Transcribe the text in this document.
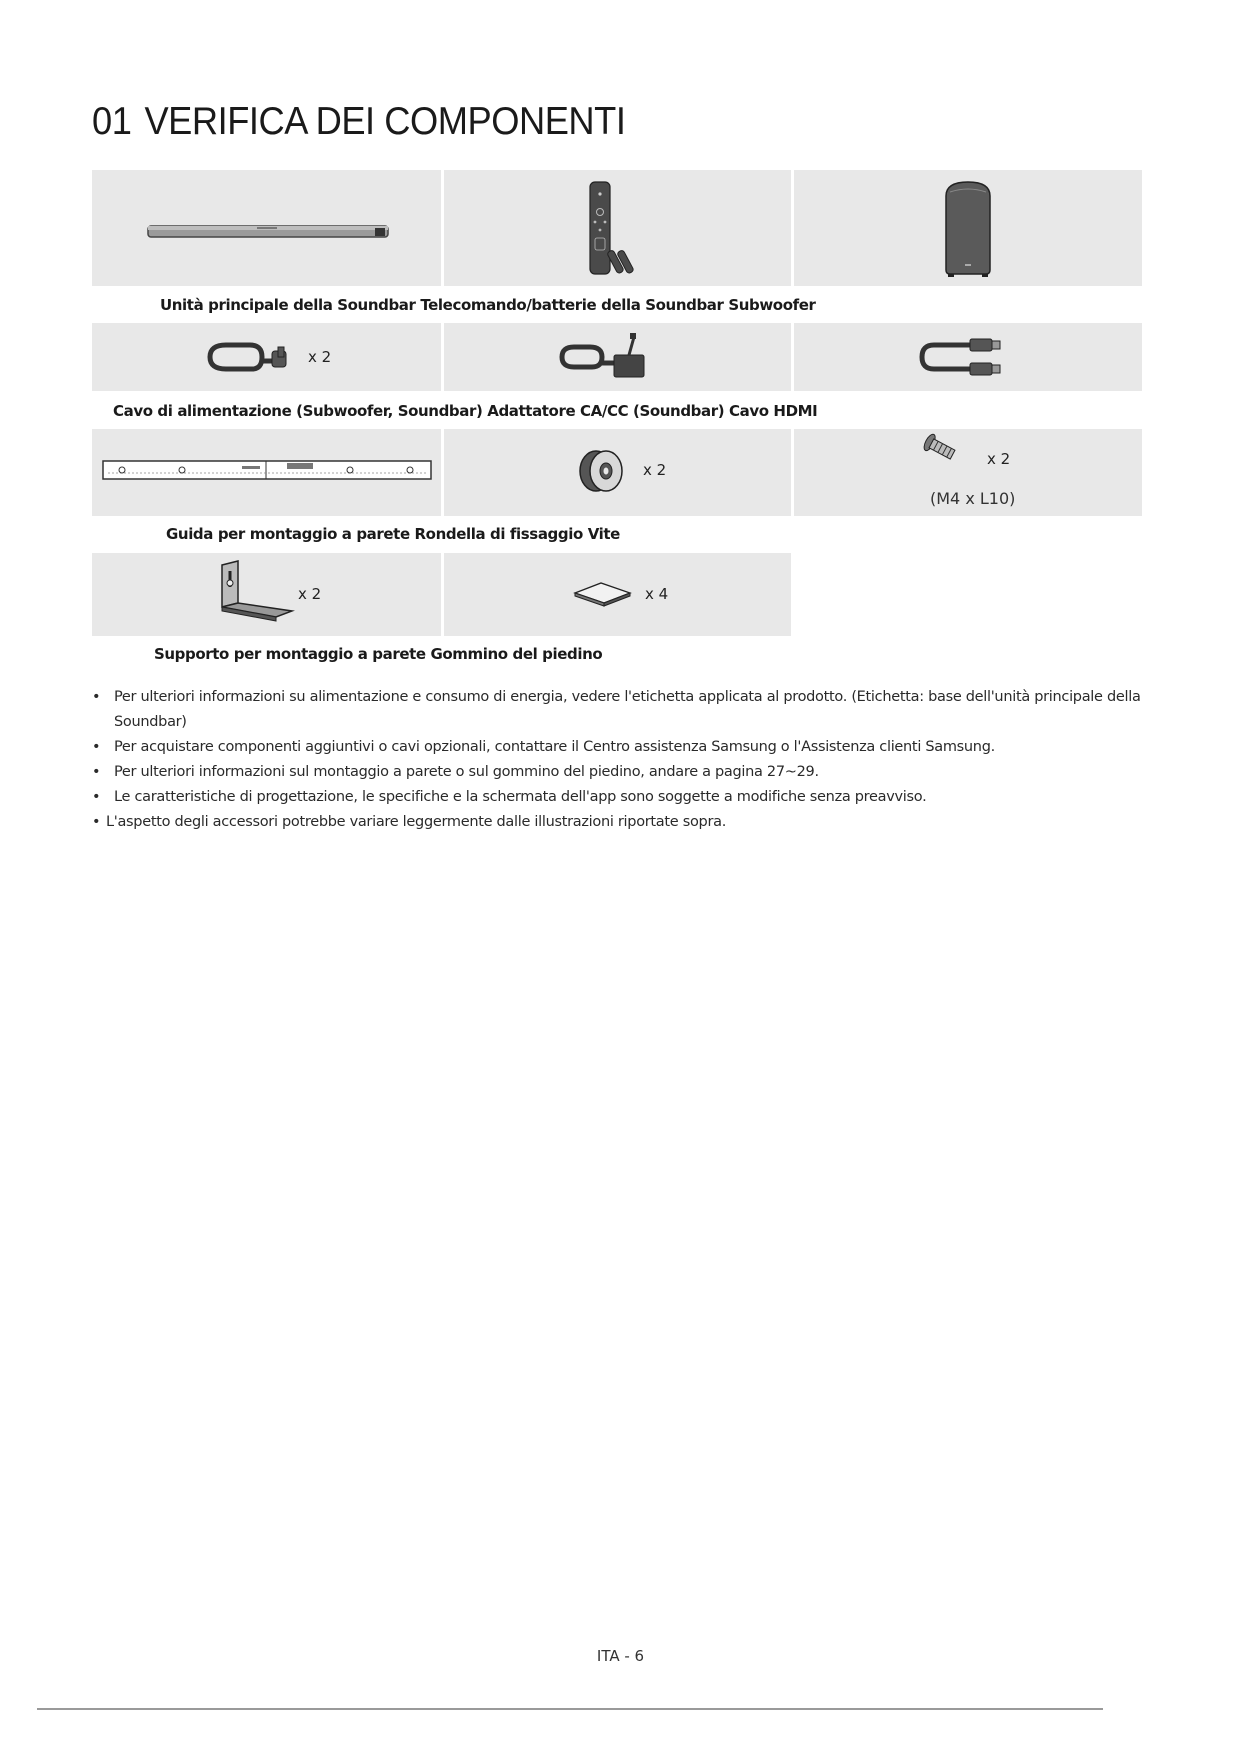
01 VERIFICA DEI COMPONENTI

Unità principale della Soundbar Telecomando/batterie della Soundbar Subwoofer

x 2

Cavo di alimentazione (Subwoofer, Soundbar) Adattatore CA/CC (Soundbar) Cavo HDMI

x 2
x 2
(M4 x L10)

Guida per montaggio a parete Rondella di fissaggio Vite

x 2	x 4

Supporto per montaggio a parete Gommino del piedino

• Per ulteriori informazioni su alimentazione e consumo di energia, vedere l'etichetta applicata al prodotto. (Etichetta: base dell'unità principale della Soundbar)
• Per acquistare componenti aggiuntivi o cavi opzionali, contattare il Centro assistenza Samsung o l'Assistenza clienti Samsung.
• Per ulteriori informazioni sul montaggio a parete o sul gommino del piedino, andare a pagina 27~29.
• Le caratteristiche di progettazione, le specifiche e la schermata dell'app sono soggette a modifiche senza preavviso.
• L'aspetto degli accessori potrebbe variare leggermente dalle illustrazioni riportate sopra.
ITA - 6
